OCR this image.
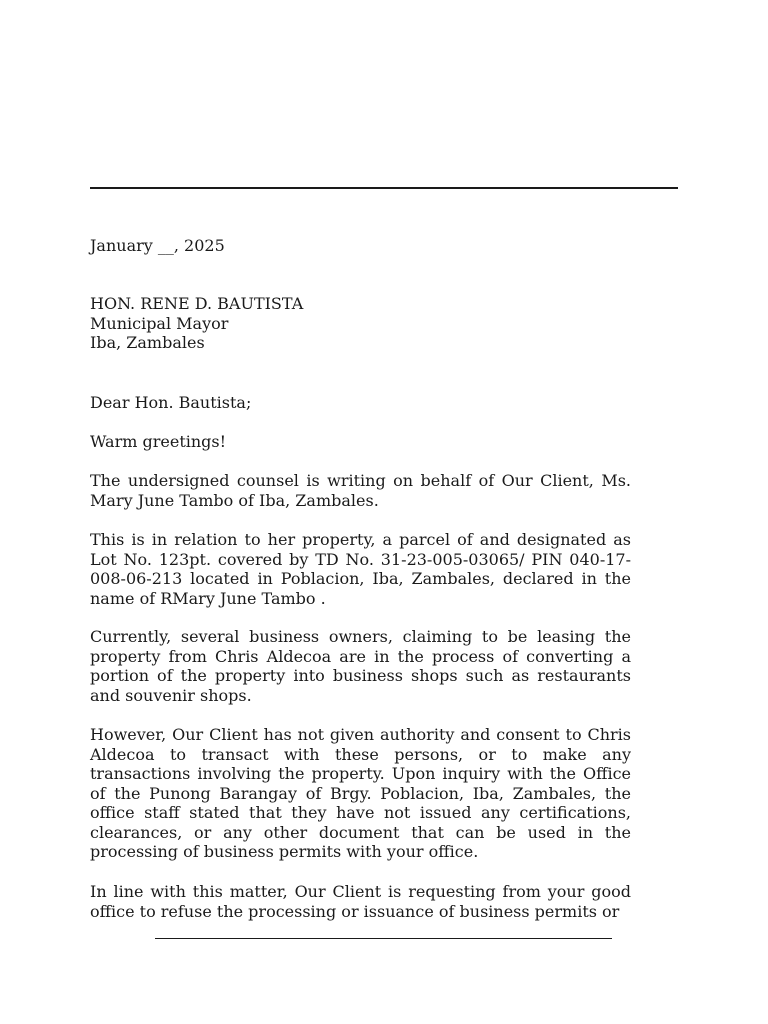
January __, 2025
HON. RENE D. BAUTISTA
Municipal Mayor
Iba, Zambales
Dear Hon. Bautista;
Warm greetings!
The undersigned counsel is writing on behalf of Our Client, Ms. Mary June Tambo of Iba, Zambales.
This is in relation to her property, a parcel of and designated as Lot No. 123pt. covered by TD No. 31-23-005-03065/ PIN 040-17-008-06-213 located in Poblacion, Iba, Zambales, declared in the name of RMary June Tambo .
Currently, several business owners, claiming to be leasing the property from Chris Aldecoa are in the process of converting a portion of the property into business shops such as restaurants and souvenir shops.
However, Our Client has not given authority and consent to Chris Aldecoa to transact with these persons, or to make any transactions involving the property. Upon inquiry with the Office of the Punong Barangay of Brgy. Poblacion, Iba, Zambales, the office staff stated that they have not issued any certifications, clearances, or any other document that can be used in the processing of business permits with your office.
In line with this matter, Our Client is requesting from your good office to refuse the processing or issuance of business permits or
